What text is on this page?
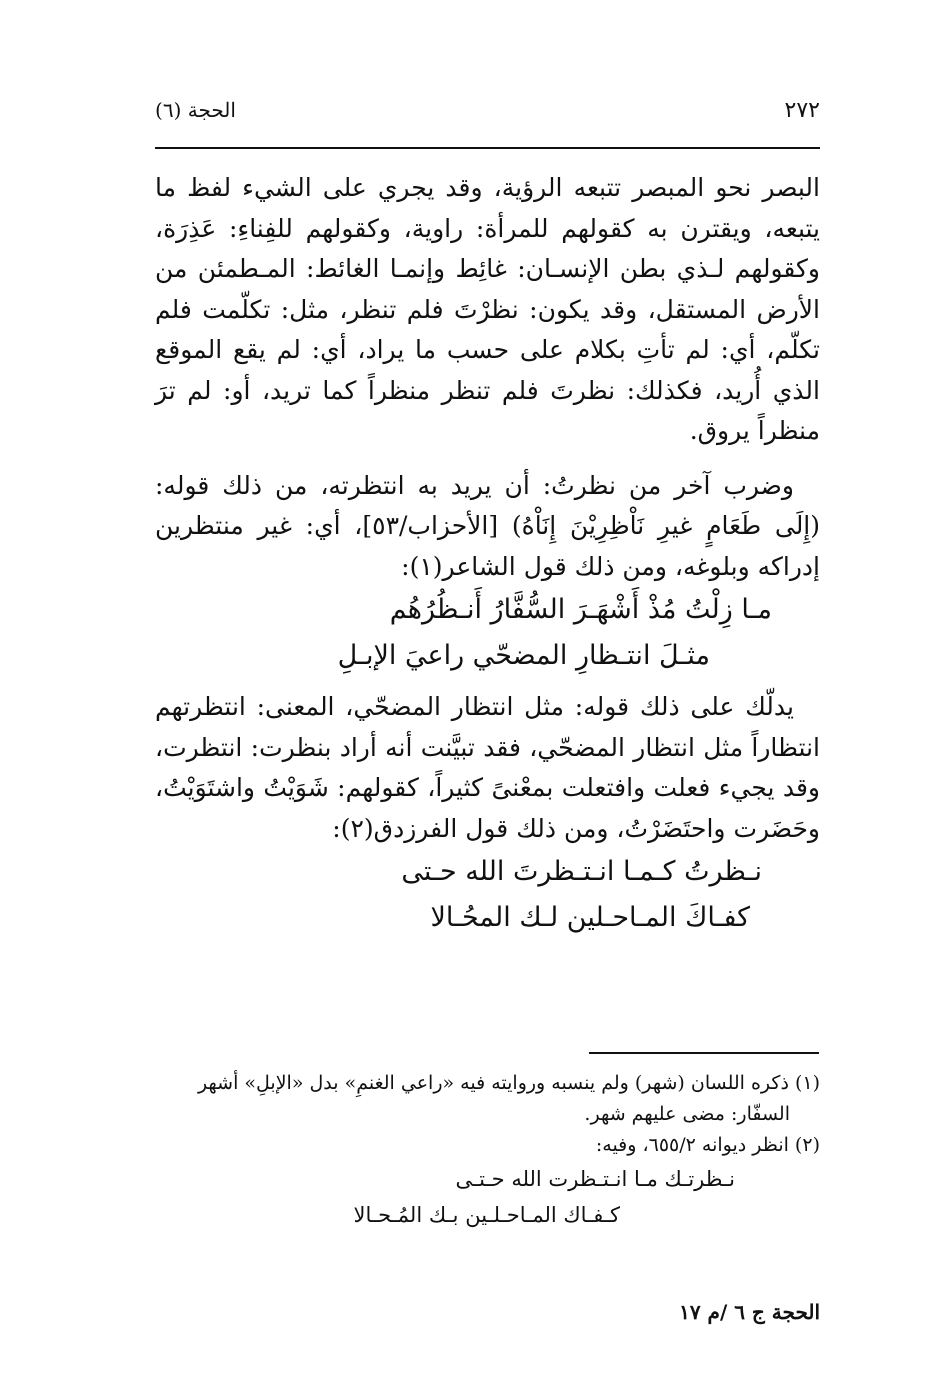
٢٧٢
الحجة (٦)

البصر نحو المبصر تتبعه الرؤية، وقد يجري على الشيء لفظ ما يتبعه، ويقترن به كقولهم للمرأة: راوية، وكقولهم للفِناءِ: عَذِرَة، وكقولهم لـذي بطن الإنسـان: غائِط وإنمـا الغائط: المـطمئن من الأرض المستقل، وقد يكون: نظرْتَ فلم تنظر، مثل: تكلّمت فلم تكلّم، أي: لم تأتِ بكلام على حسب ما يراد، أي: لم يقع الموقع الذي أُريد، فكذلك: نظرتَ فلم تنظر منظراً كما تريد، أو: لم ترَ منظراً يروق.

وضرب آخر من نظرتُ: أن يريد به انتظرته، من ذلك قوله: (إِلَى طَعَامٍ غيرِ نَاْظِرِيْنَ إِنَاْهُ) [الأحزاب/٥٣]، أي: غير منتظرين إدراكه وبلوغه، ومن ذلك قول الشاعر(١):

مـا زِلْتُ مُذْ أَشْهَـرَ السُّفَّارُ أَنـظُرُهُم

مثـلَ انتـظارِ المضحّي راعيَ الإبـلِ

يدلّك على ذلك قوله: مثل انتظار المضحّي، المعنى: انتظرتهم انتظاراً مثل انتظار المضحّي، فقد تبيَّنت أنه أراد بنظرت: انتظرت، وقد يجيء فعلت وافتعلت بمعْنىً كثيراً، كقولهم: شَوَيْتُ واشتَوَيْتُ، وحَضَرت واحتَضَرْتُ، ومن ذلك قول الفرزدق(٢):

نـظرتُ كـمـا انـتـظرتَ الله حـتى

كفـاكَ المـاحـلين لـك المحُـالا

(١) ذكره اللسان (شهر) ولم ينسبه وروايته فيه «راعي الغنمِ» بدل «الإبلِ» أشهر

السفّار: مضى عليهم شهر.

(٢) انظر ديوانه ٦٥٥/٢، وفيه:

نـظرتـك مـا انـتـظرت الله حـتـى

كـفـاك المـاحـلـين بـك المُـحـالا

الحجة ج ٦ /م ١٧
